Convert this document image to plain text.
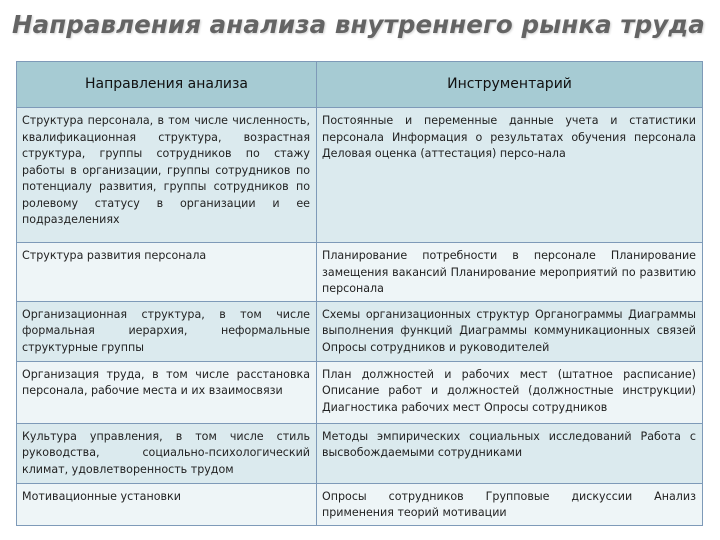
Направления анализа внутреннего рынка труда
Направления анализа	Инструментарий
Структура персонала, в том числе численность, квалификационная структура, возрастная структура, группы сотрудников по стажу работы в организации, группы сотрудников по потенциалу развития, группы сотрудников по ролевому статусу в организации и ее подразделениях	Постоянные и переменные данные учета и статистики персонала Информация о результатах обучения персонала Деловая оценка (аттестация) персо-нала
Структура развития персонала	Планирование потребности в персонале Планирование замещения вакансий Планирование мероприятий по развитию персонала
Организационная структура, в том числе формальная иерархия, неформальные структурные группы	Схемы организационных структур Органограммы Диаграммы выполнения функций Диаграммы коммуникационных связей Опросы сотрудников и руководителей
Организация труда, в том числе расстановка персонала, рабочие места и их взаимосвязи	План должностей и рабочих мест (штатное расписание) Описание работ и должностей (должностные инструкции) Диагностика рабочих мест Опросы сотрудников
Культура управления, в том числе стиль руководства, социально-психологический климат, удовлетворенность трудом	Методы эмпирических социальных исследований Работа с высвобождаемыми сотрудниками
Мотивационные установки	Опросы сотрудников Групповые дискуссии Анализ применения теорий мотивации
